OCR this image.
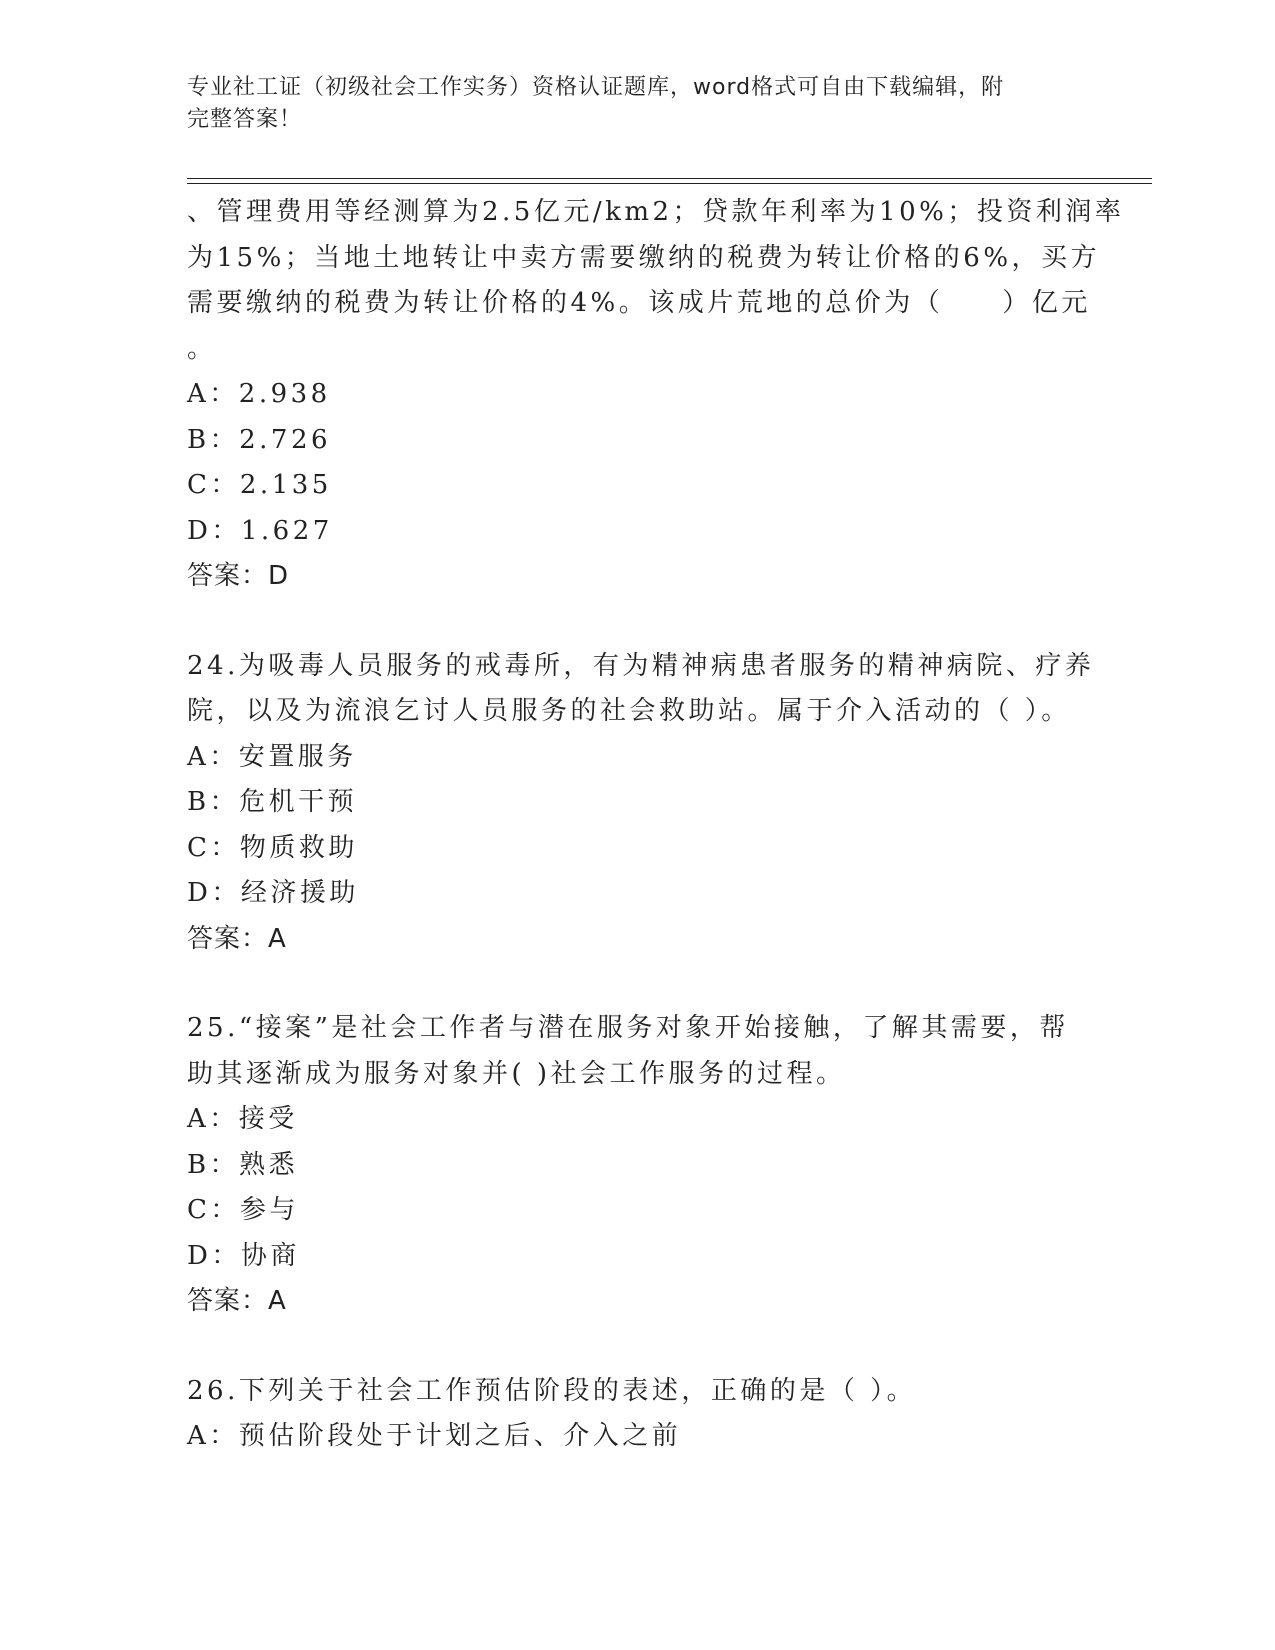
专业社工证（初级社会工作实务）资格认证题库，word格式可自由下载编辑，附
完整答案！
、管理费用等经测算为2.5亿元/km2；贷款年利率为10%；投资利润率
为15%；当地土地转让中卖方需要缴纳的税费为转让价格的6%，买方
需要缴纳的税费为转让价格的4%。该成片荒地的总价为（　　）亿元
。
A：2.938
B：2.726
C：2.135
D：1.627
答案：D
24.为吸毒人员服务的戒毒所，有为精神病患者服务的精神病院、疗养
院，以及为流浪乞讨人员服务的社会救助站。属于介入活动的（ ）。
A：安置服务
B：危机干预
C：物质救助
D：经济援助
答案：A
25.“接案”是社会工作者与潜在服务对象开始接触，了解其需要，帮
助其逐渐成为服务对象并( )社会工作服务的过程。
A：接受
B：熟悉
C：参与
D：协商
答案：A
26.下列关于社会工作预估阶段的表述，正确的是（ ）。
A：预估阶段处于计划之后、介入之前
